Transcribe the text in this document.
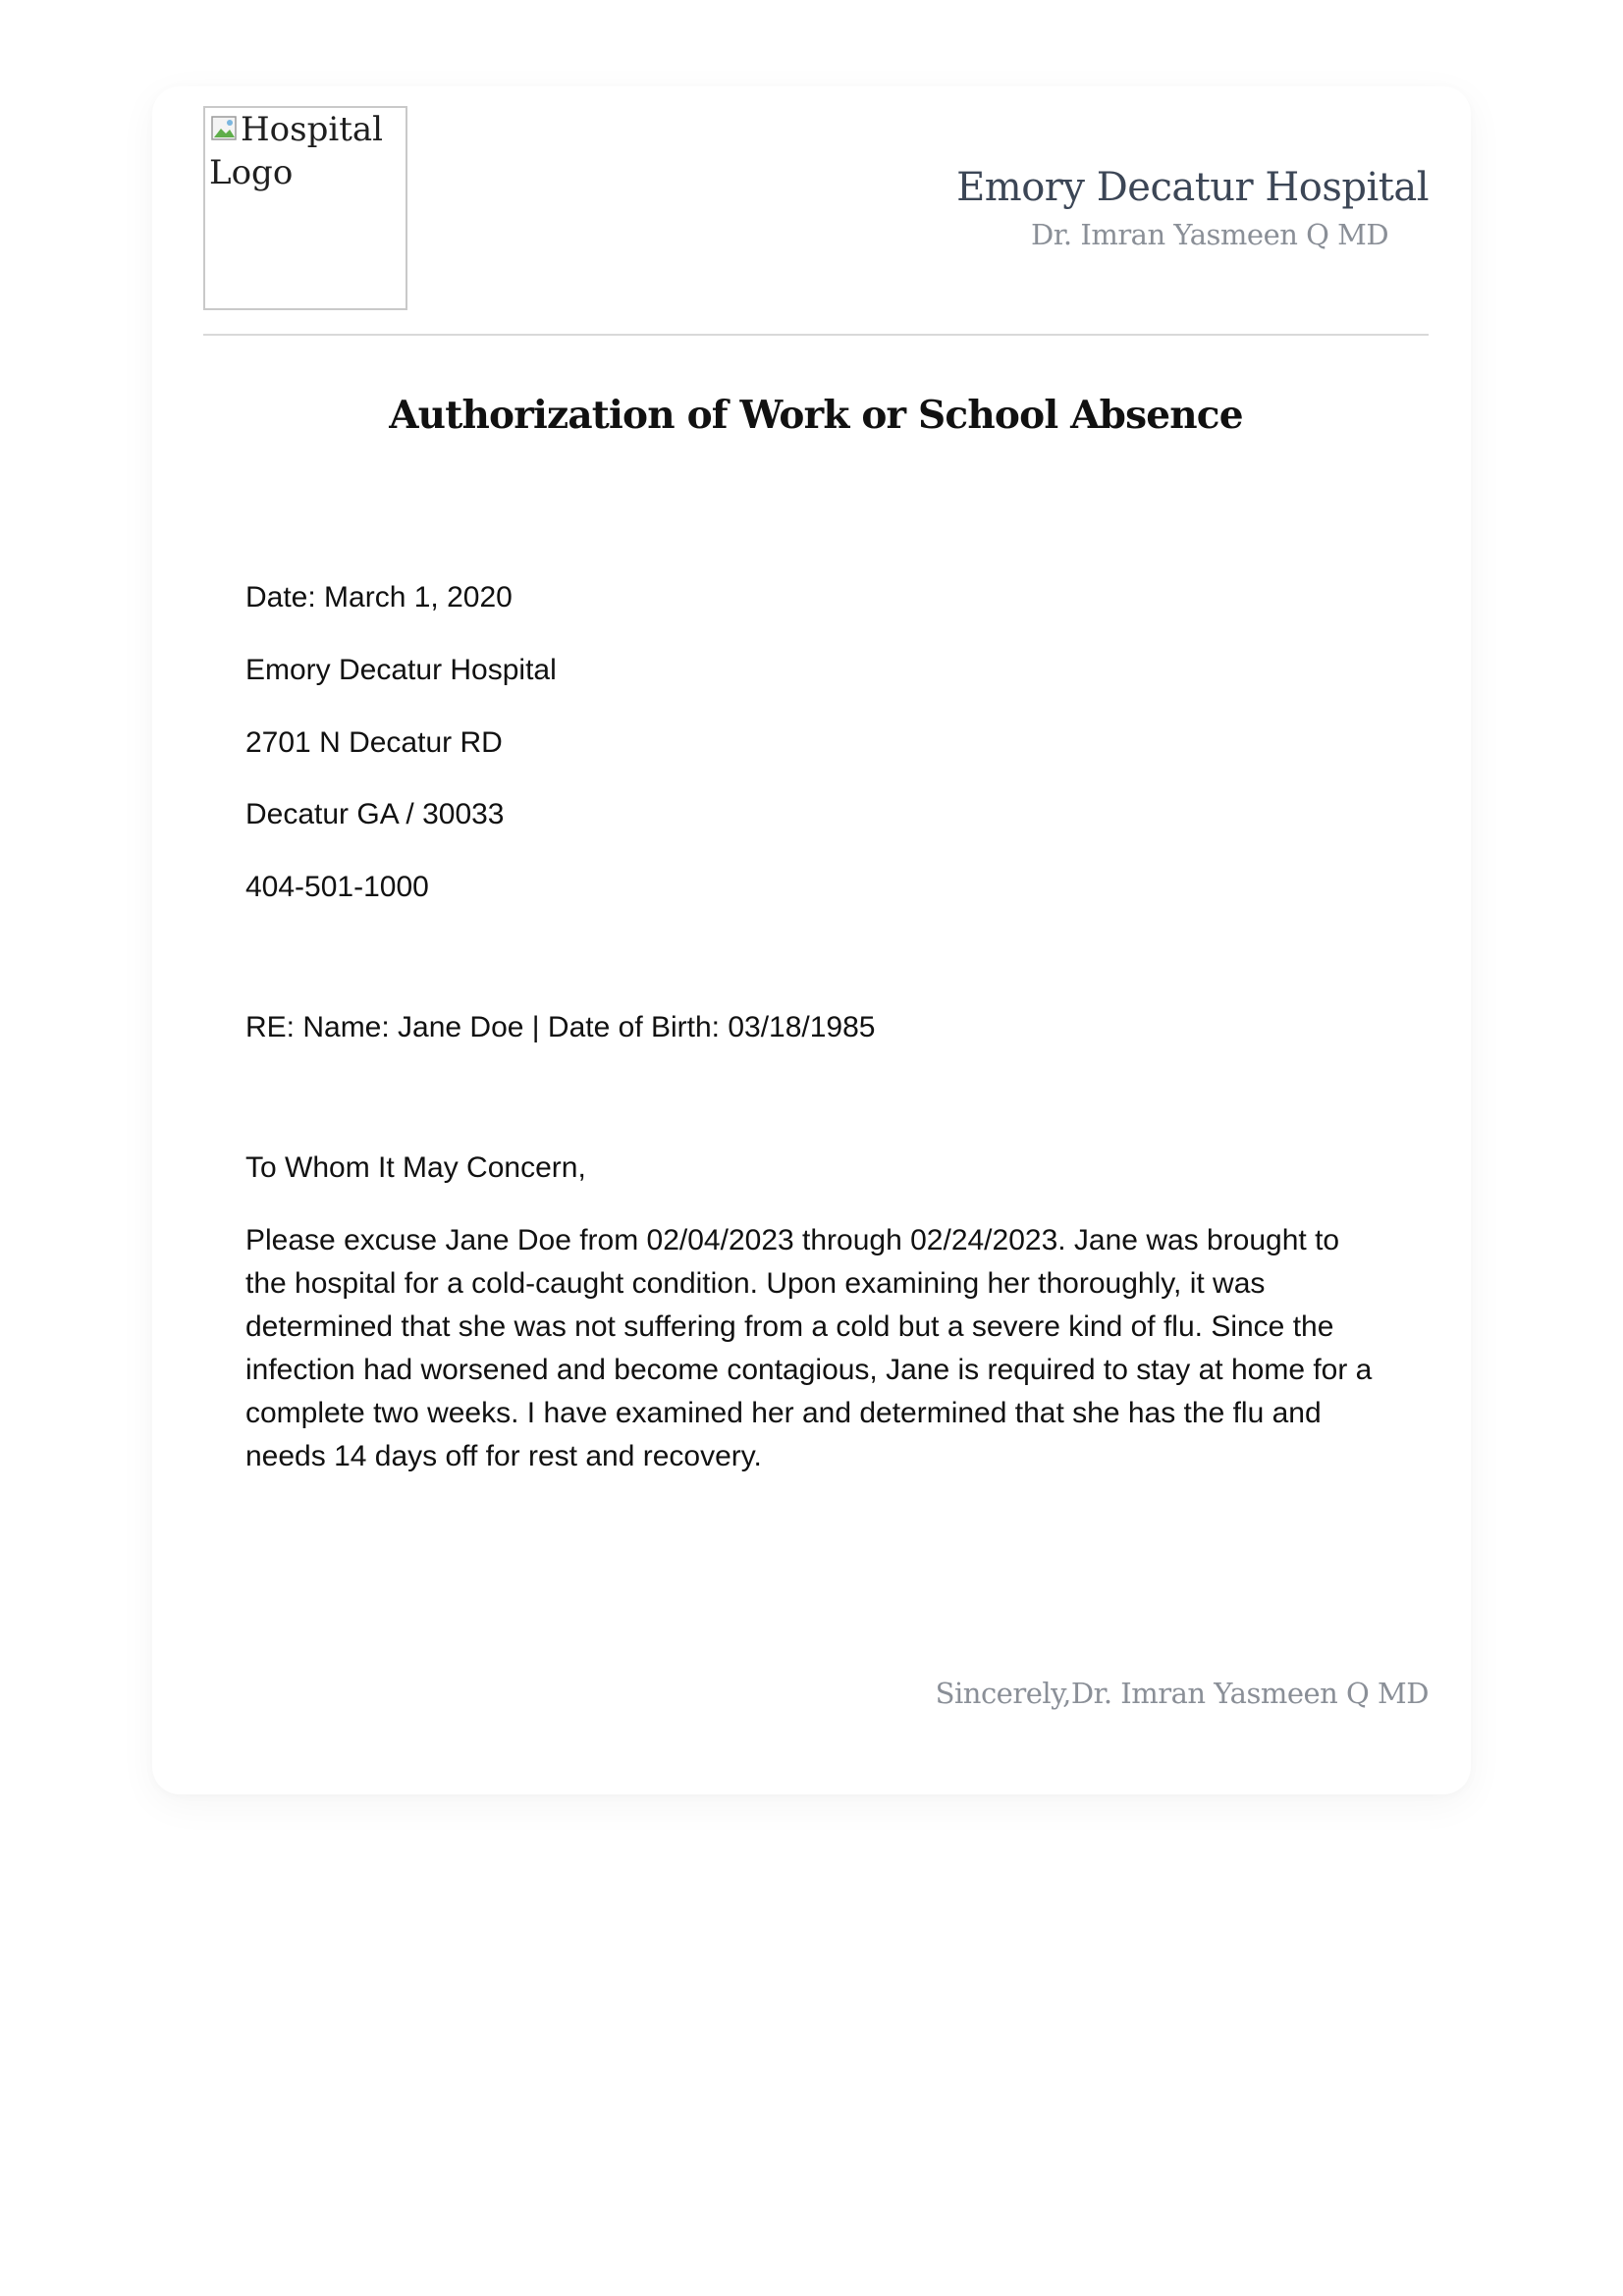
Hospital Logo	Emory Decatur Hospital
Dr. Imran Yasmeen Q MD
Authorization of Work or School Absence
Date: March 1, 2020
Emory Decatur Hospital
2701 N Decatur RD
Decatur GA / 30033
404-501-1000
RE: Name: Jane Doe | Date of Birth: 03/18/1985
To Whom It May Concern,
Please excuse Jane Doe from 02/04/2023 through 02/24/2023. Jane was brought to the hospital for a cold-caught condition. Upon examining her thoroughly, it was determined that she was not suffering from a cold but a severe kind of flu. Since the infection had worsened and become contagious, Jane is required to stay at home for a complete two weeks. I have examined her and determined that she has the flu and needs 14 days off for rest and recovery.
Sincerely,Dr. Imran Yasmeen Q MD
